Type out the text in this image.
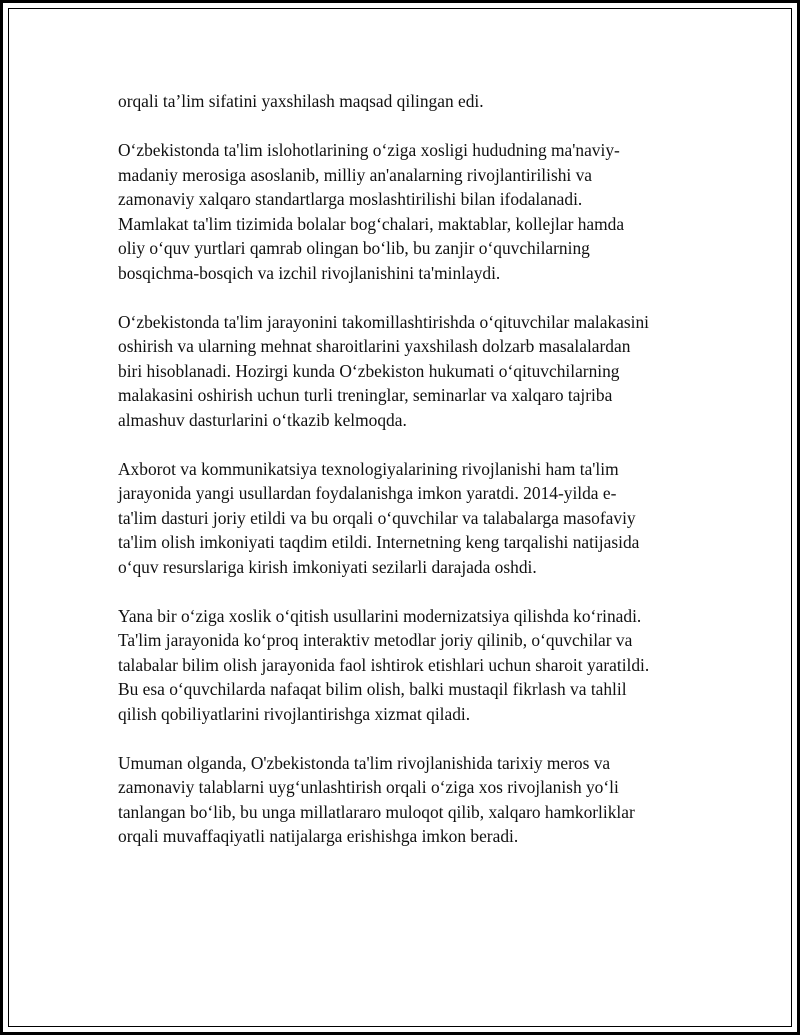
orqali ta’lim sifatini yaxshilash maqsad qilingan edi.

O‘zbekistonda ta'lim islohotlarining o‘ziga xosligi hududning ma'naviy-
madaniy merosiga asoslanib, milliy an'analarning rivojlantirilishi va
zamonaviy xalqaro standartlarga moslashtirilishi bilan ifodalanadi.
Mamlakat ta'lim tizimida bolalar bog‘chalari, maktablar, kollejlar hamda
oliy o‘quv yurtlari qamrab olingan bo‘lib, bu zanjir o‘quvchilarning
bosqichma-bosqich va izchil rivojlanishini ta'minlaydi.

O‘zbekistonda ta'lim jarayonini takomillashtirishda o‘qituvchilar malakasini
oshirish va ularning mehnat sharoitlarini yaxshilash dolzarb masalalardan
biri hisoblanadi. Hozirgi kunda O‘zbekiston hukumati o‘qituvchilarning
malakasini oshirish uchun turli treninglar, seminarlar va xalqaro tajriba
almashuv dasturlarini o‘tkazib kelmoqda.

Axborot va kommunikatsiya texnologiyalarining rivojlanishi ham ta'lim
jarayonida yangi usullardan foydalanishga imkon yaratdi. 2014-yilda e-
ta'lim dasturi joriy etildi va bu orqali o‘quvchilar va talabalarga masofaviy
ta'lim olish imkoniyati taqdim etildi. Internetning keng tarqalishi natijasida
o‘quv resurslariga kirish imkoniyati sezilarli darajada oshdi.

Yana bir o‘ziga xoslik o‘qitish usullarini modernizatsiya qilishda ko‘rinadi.
Ta'lim jarayonida ko‘proq interaktiv metodlar joriy qilinib, o‘quvchilar va
talabalar bilim olish jarayonida faol ishtirok etishlari uchun sharoit yaratildi.
Bu esa o‘quvchilarda nafaqat bilim olish, balki mustaqil fikrlash va tahlil
qilish qobiliyatlarini rivojlantirishga xizmat qiladi.

Umuman olganda, O'zbekistonda ta'lim rivojlanishida tarixiy meros va
zamonaviy talablarni uyg‘unlashtirish orqali o‘ziga xos rivojlanish yo‘li
tanlangan bo‘lib, bu unga millatlararo muloqot qilib, xalqaro hamkorliklar
orqali muvaffaqiyatli natijalarga erishishga imkon beradi.
